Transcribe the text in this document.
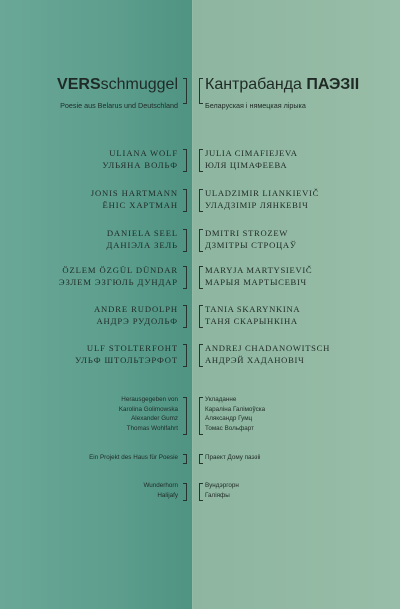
VERSschmuggel Кантрабанда ПАЭЗІІ
Poesie aus Belarus und Deutschland	Беларуская і нямецкая лірыка
ULIANA WOLF
УЛЬЯНА ВОЛЬФ
JULIA CIMAFIEJEVA
ЮЛЯ ЦІМАФЕЕВА
JONIS HARTMANN
ЁНІС ХАРТМАН
ULADZIMIR LIANKIEVIČ
УЛАДЗІМІР ЛЯНКЕВІЧ
DANIELA SEEL
ДАНІЭЛА ЗЕЛЬ
DMITRI STROZEW
ДЗМІТРЫ СТРОЦАЎ
ÖZLEM ÖZGÜL DÜNDAR
ЭЗЛЕМ ЭЗГЮЛЬ ДУНДАР
MARYJA MARTYSIEVIČ
МАРЫЯ МАРТЫСЕВІЧ
ANDRE RUDOLPH
АНДРЭ РУДОЛЬФ
TANIA SKARYNKINA
ТАНЯ СКАРЫНКІНА
ULF STOLTERFOHT
УЛЬФ ШТОЛЬТЭРФОТ
ANDREJ CHADANOWITSCH
АНДРЭЙ ХАДАНОВІЧ
Herausgegeben von
Karolina Golimowska
Alexander Gumz
Thomas Wohlfahrt
Укладанне
Караліна Галімоўска
Аляксандр Гумц
Томас Вольфарт
Ein Projekt des Haus für Poesie	Праект Дому паэзіі
Wunderhorn
Halijafy
Вундэргорн
Галіяфы
